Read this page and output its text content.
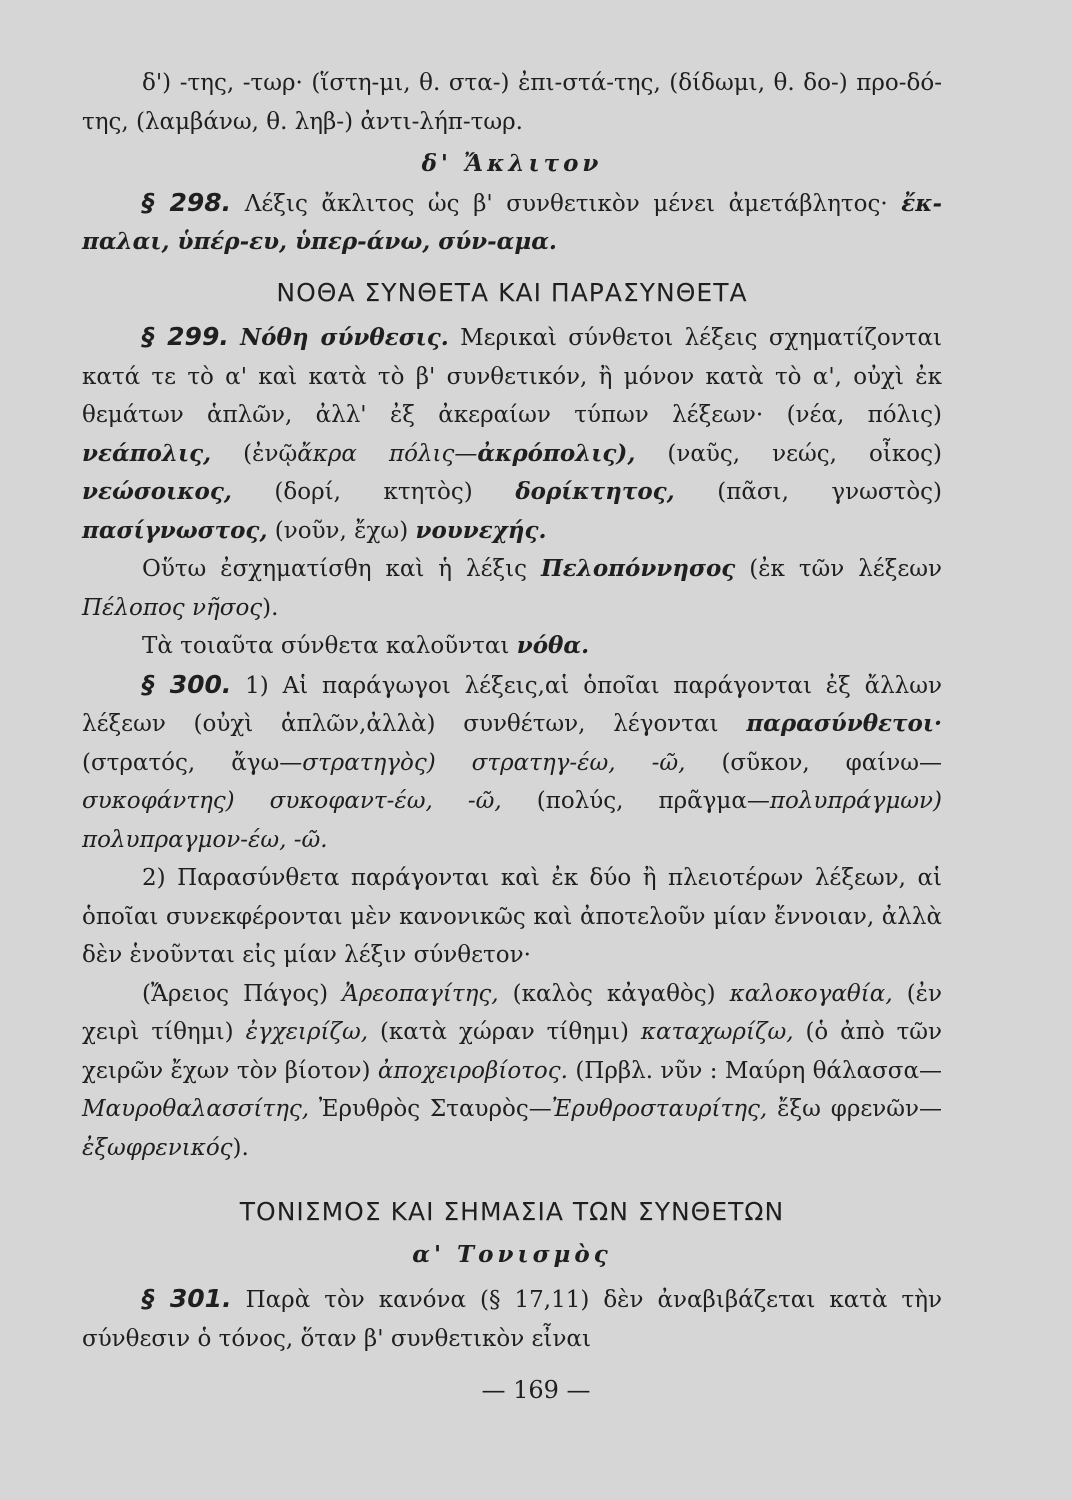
δ') -της, -τωρ· (ἵστη-μι, θ. στα-) ἐπι-στά-της, (δίδωμι, θ. δο-) προ-δό-της, (λαμβάνω, θ. ληβ-) ἀντι-λήπ-τωρ.

δ' Ἄκλιτον

§ 298. Λέξις ἄκλιτος ὡς β' συνθετικὸν μένει ἀμετάβλητος· ἔκ-παλαι, ὑπέρ-ευ, ὑπερ-άνω, σύν-αμα.

ΝΟΘΑ ΣΥΝΘΕΤΑ ΚΑΙ ΠΑΡΑΣΥΝΘΕΤΑ

§ 299. Νόθη σύνθεσις. Μερικαὶ σύνθετοι λέξεις σχηματίζονται κατά τε τὸ α' καὶ κατὰ τὸ β' συνθετικόν, ἢ μόνον κατὰ τὸ α', οὐχὶ ἐκ θεμάτων ἁπλῶν, ἀλλ' ἐξ ἀκεραίων τύπων λέξεων· (νέα, πόλις) νεάπολις, (ἐνῷἄκρα πόλις—ἀκρόπολις), (ναῦς, νεώς, οἶκος) νεώσοικος, (δορί, κτητὸς) δορίκτητος, (πᾶσι, γνωστὸς) πασίγνωστος, (νοῦν, ἔχω) νουνεχής.

Οὕτω ἐσχηματίσθη καὶ ἡ λέξις Πελοπόννησος (ἐκ τῶν λέξεων Πέλοπος νῆσος).

Τὰ τοιαῦτα σύνθετα καλοῦνται νόθα.

§ 300. 1) Αἱ παράγωγοι λέξεις,αἱ ὁποῖαι παράγονται ἐξ ἄλλων λέξεων (οὐχὶ ἁπλῶν,ἀλλὰ) συνθέτων, λέγονται παρασύνθετοι· (στρατός, ἄγω—στρατηγὸς) στρατηγ-έω, -ῶ, (σῦκον, φαίνω—συκοφάντης) συκοφαντ-έω, -ῶ, (πολύς, πρᾶγμα—πολυπράγμων) πολυπραγμον-έω, -ῶ.

2) Παρασύνθετα παράγονται καὶ ἐκ δύο ἢ πλειοτέρων λέξεων, αἱ ὁποῖαι συνεκφέρονται μὲν κανονικῶς καὶ ἀποτελοῦν μίαν ἔννοιαν, ἀλλὰ δὲν ἑνοῦνται εἰς μίαν λέξιν σύνθετον·

(Ἄρειος Πάγος) Ἀρεοπαγίτης, (καλὸς κἀγαθὸς) καλοκογαθία, (ἐν χειρὶ τίθημι) ἐγχειρίζω, (κατὰ χώραν τίθημι) καταχωρίζω, (ὁ ἀπὸ τῶν χειρῶν ἔχων τὸν βίοτον) ἀποχειροβίοτος. (Πρβλ. νῦν : Μαύρη θάλασσα—Μαυροθαλασσίτης, Ἐρυθρὸς Σταυρὸς—Ἐρυθροσταυρίτης, ἔξω φρενῶν—ἐξωφρενικός).

ΤΟΝΙΣΜΟΣ ΚΑΙ ΣΗΜΑΣΙΑ ΤΩΝ ΣΥΝΘΕΤΩΝ

α' Τονισμὸς

§ 301. Παρὰ τὸν κανόνα (§ 17,11) δὲν ἀναβιβάζεται κατὰ τὴν σύνθεσιν ὁ τόνος, ὅταν β' συνθετικὸν εἶναι

— 169 —
